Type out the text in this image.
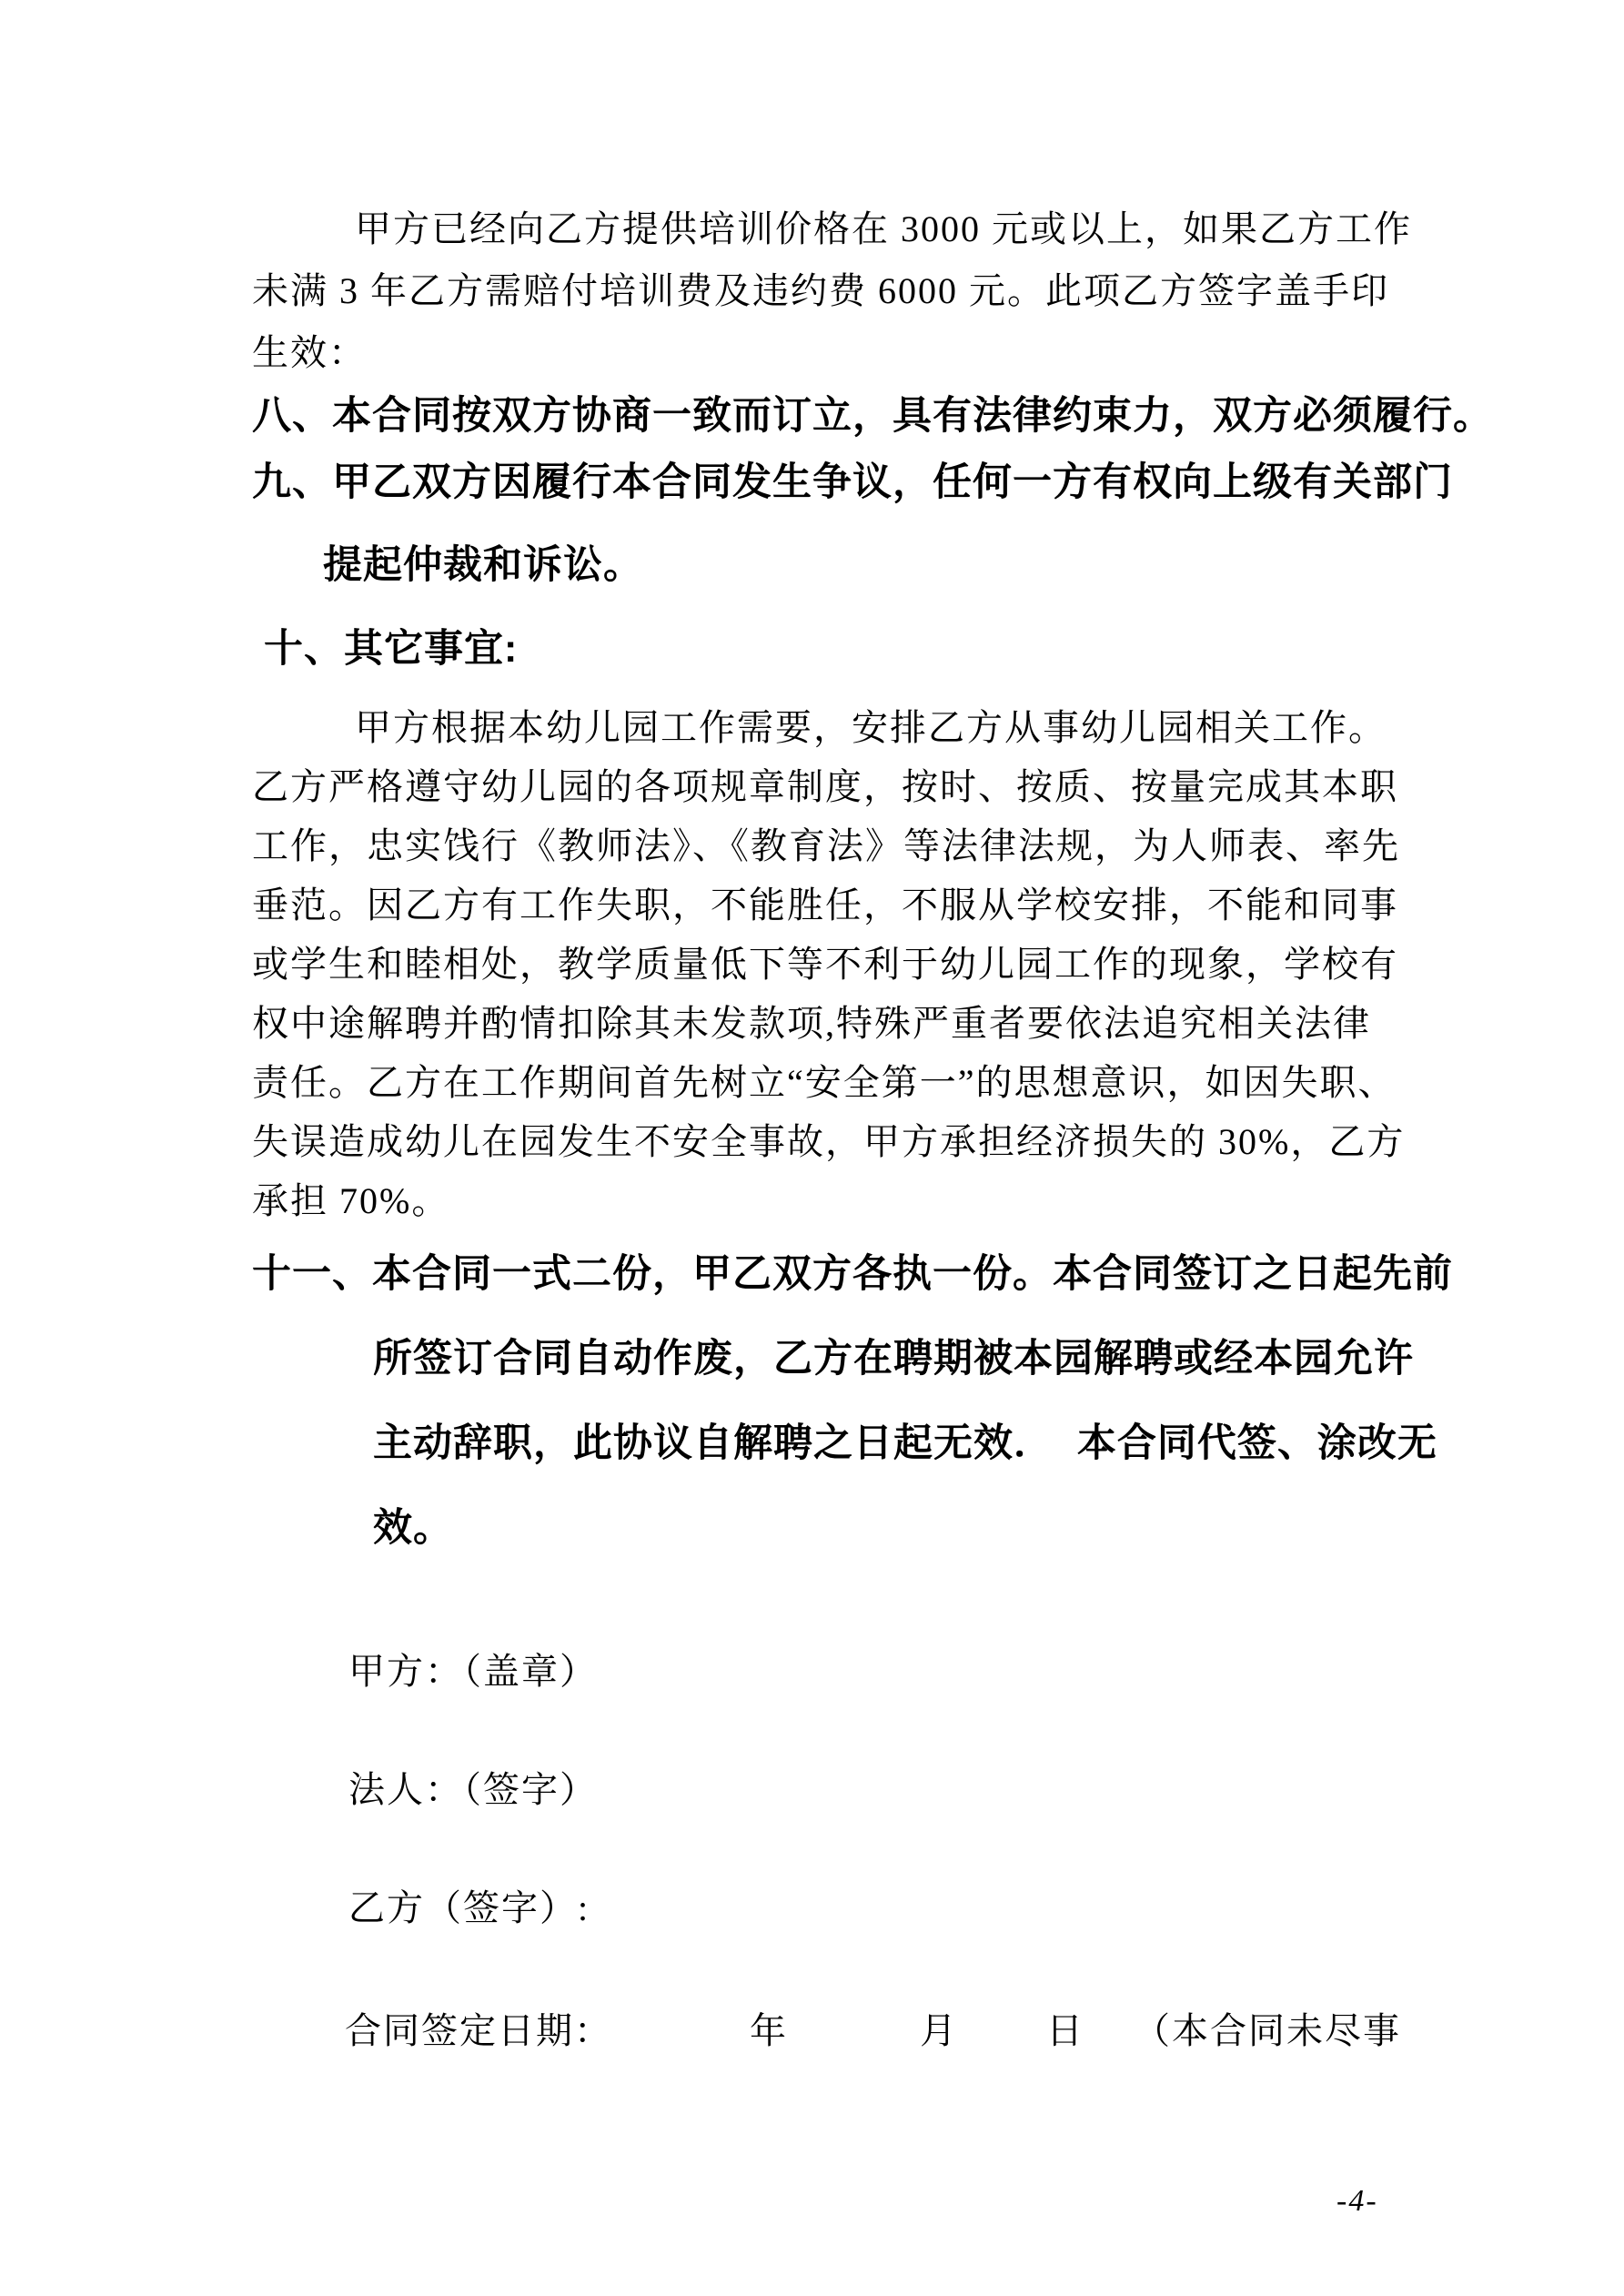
甲方已经向乙方提供培训价格在 3000 元或以上，如果乙方工作
未满 3 年乙方需赔付培训费及违约费 6000 元。此项乙方签字盖手印
生效：
八、本合同按双方协商一致而订立，具有法律约束力，双方必须履行。
九、甲乙双方因履行本合同发生争议，任何一方有权向上级有关部门
提起仲裁和诉讼。
十、其它事宜:
甲方根据本幼儿园工作需要，安排乙方从事幼儿园相关工作。
乙方严格遵守幼儿园的各项规章制度，按时、按质、按量完成其本职
工作，忠实饯行《教师法》、《教育法》等法律法规，为人师表、率先
垂范。因乙方有工作失职，不能胜任，不服从学校安排，不能和同事
或学生和睦相处，教学质量低下等不利于幼儿园工作的现象，学校有
权中途解聘并酌情扣除其未发款项,特殊严重者要依法追究相关法律
责任。乙方在工作期间首先树立“安全第一”的思想意识，如因失职、
失误造成幼儿在园发生不安全事故，甲方承担经济损失的 30%，乙方
承担 70%。
十一、本合同一式二份，甲乙双方各执一份。本合同签订之日起先前
所签订合同自动作废，乙方在聘期被本园解聘或经本园允许
主动辞职，此协议自解聘之日起无效．  本合同代签、涂改无
效。
甲方：（盖章）
法人：（签字）
乙方（签字）:

合同签定日期：

	年

	月

日

（本合同未尽事

-4-
